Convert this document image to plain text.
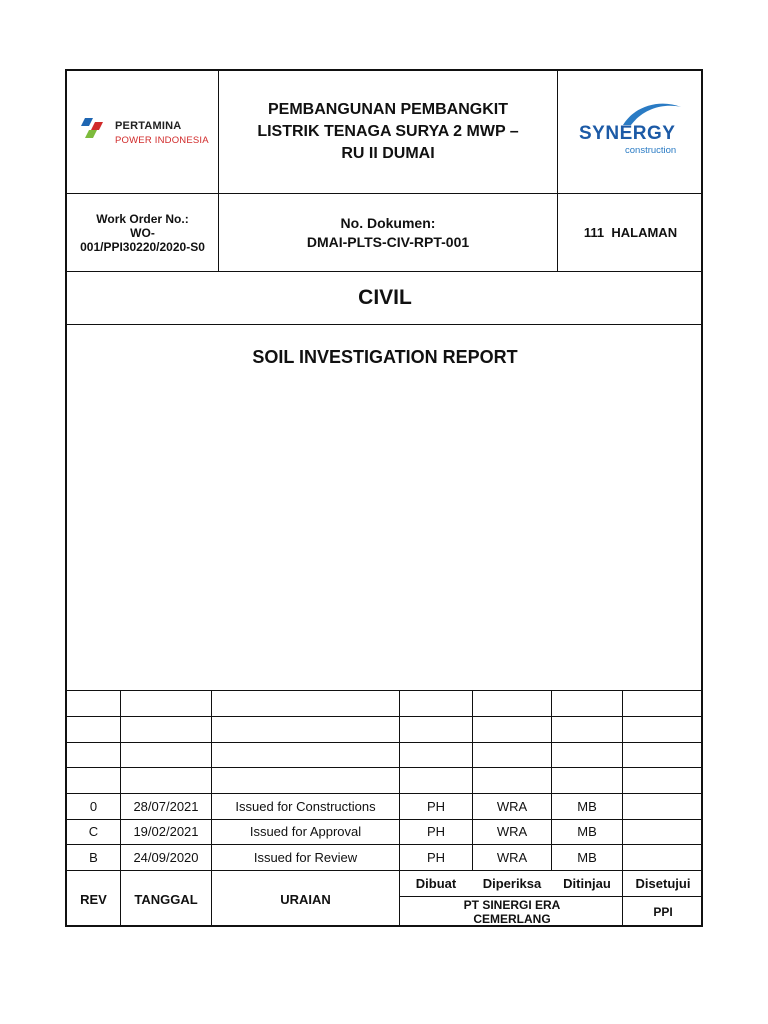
PERTAMINA
POWER INDONESIA
PEMBANGUNAN PEMBANGKIT
LISTRIK TENAGA SURYA 2 MWP –
RU II DUMAI
SYNERGY
construction
Work Order No.:
WO-
001/PPI30220/2020-S0
No. Dokumen:
DMAI-PLTS-CIV-RPT-001
111  HALAMAN
CIVIL
SOIL INVESTIGATION REPORT
0	28/07/2021	Issued for Constructions	PH	WRA	MB
C	19/02/2021	Issued for Approval	PH	WRA	MB
B	24/09/2020	Issued for Review	PH	WRA	MB
REV	TANGGAL	URAIAN
Dibuat	Diperiksa	Ditinjau	Disetujui
PT SINERGI ERA CEMERLANG	PPI
